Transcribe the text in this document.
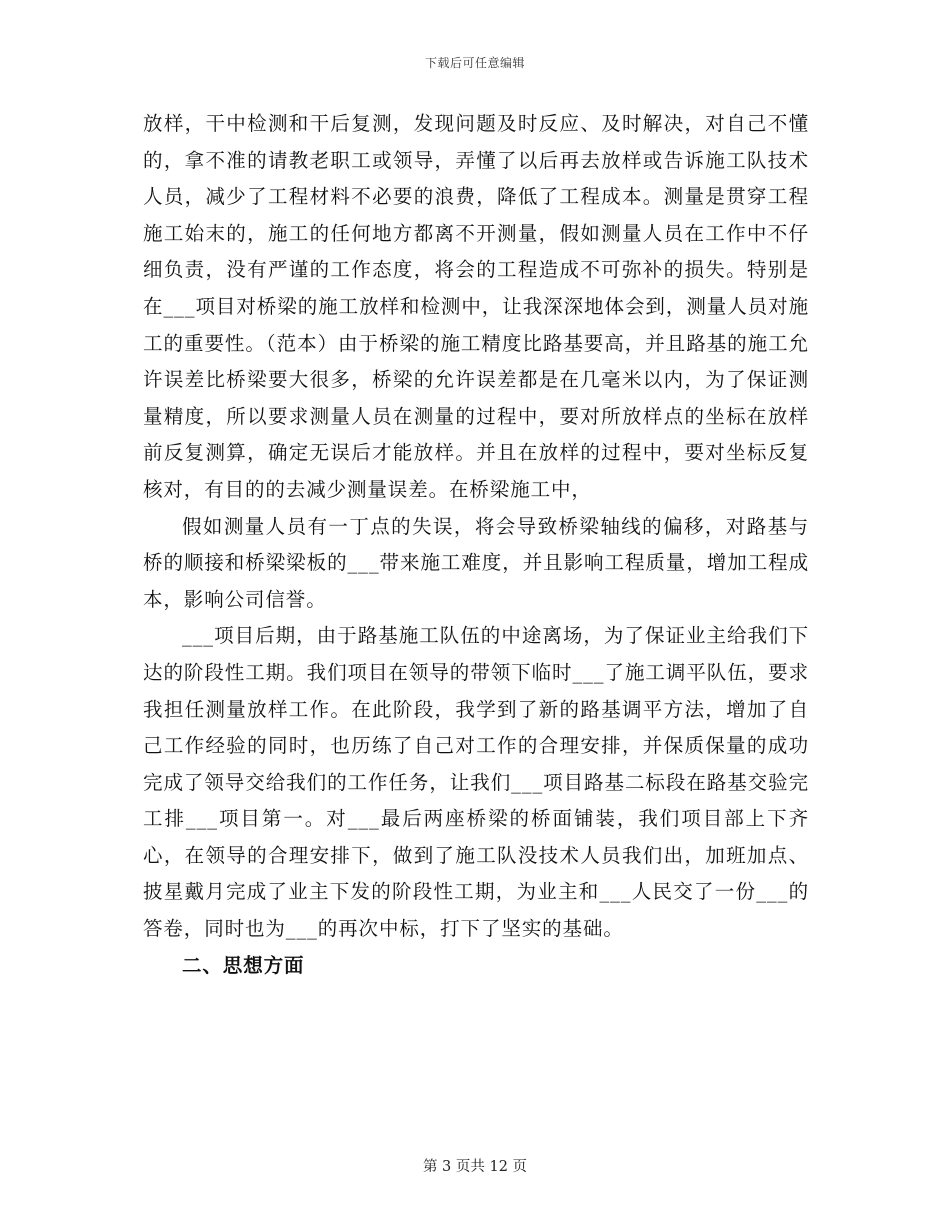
下载后可任意编辑

放样，干中检测和干后复测，发现问题及时反应、及时解决，对自己不懂的，拿不准的请教老职工或领导，弄懂了以后再去放样或告诉施工队技术人员，减少了工程材料不必要的浪费，降低了工程成本。测量是贯穿工程施工始末的，施工的任何地方都离不开测量，假如测量人员在工作中不仔细负责，没有严谨的工作态度，将会的工程造成不可弥补的损失。特别是在___项目对桥梁的施工放样和检测中，让我深深地体会到，测量人员对施工的重要性。（范本）由于桥梁的施工精度比路基要高，并且路基的施工允许误差比桥梁要大很多，桥梁的允许误差都是在几毫米以内，为了保证测量精度，所以要求测量人员在测量的过程中，要对所放样点的坐标在放样前反复测算，确定无误后才能放样。并且在放样的过程中，要对坐标反复核对，有目的的去减少测量误差。在桥梁施工中，

假如测量人员有一丁点的失误，将会导致桥梁轴线的偏移，对路基与桥的顺接和桥梁梁板的___带来施工难度，并且影响工程质量，增加工程成本，影响公司信誉。

___项目后期，由于路基施工队伍的中途离场，为了保证业主给我们下达的阶段性工期。我们项目在领导的带领下临时___了施工调平队伍，要求我担任测量放样工作。在此阶段，我学到了新的路基调平方法，增加了自己工作经验的同时，也历练了自己对工作的合理安排，并保质保量的成功完成了领导交给我们的工作任务，让我们___项目路基二标段在路基交验完工排___项目第一。对___最后两座桥梁的桥面铺装，我们项目部上下齐心，在领导的合理安排下，做到了施工队没技术人员我们出，加班加点、披星戴月完成了业主下发的阶段性工期，为业主和___人民交了一份___的答卷，同时也为___的再次中标，打下了坚实的基础。

二、思想方面

第 3 页共 12 页
